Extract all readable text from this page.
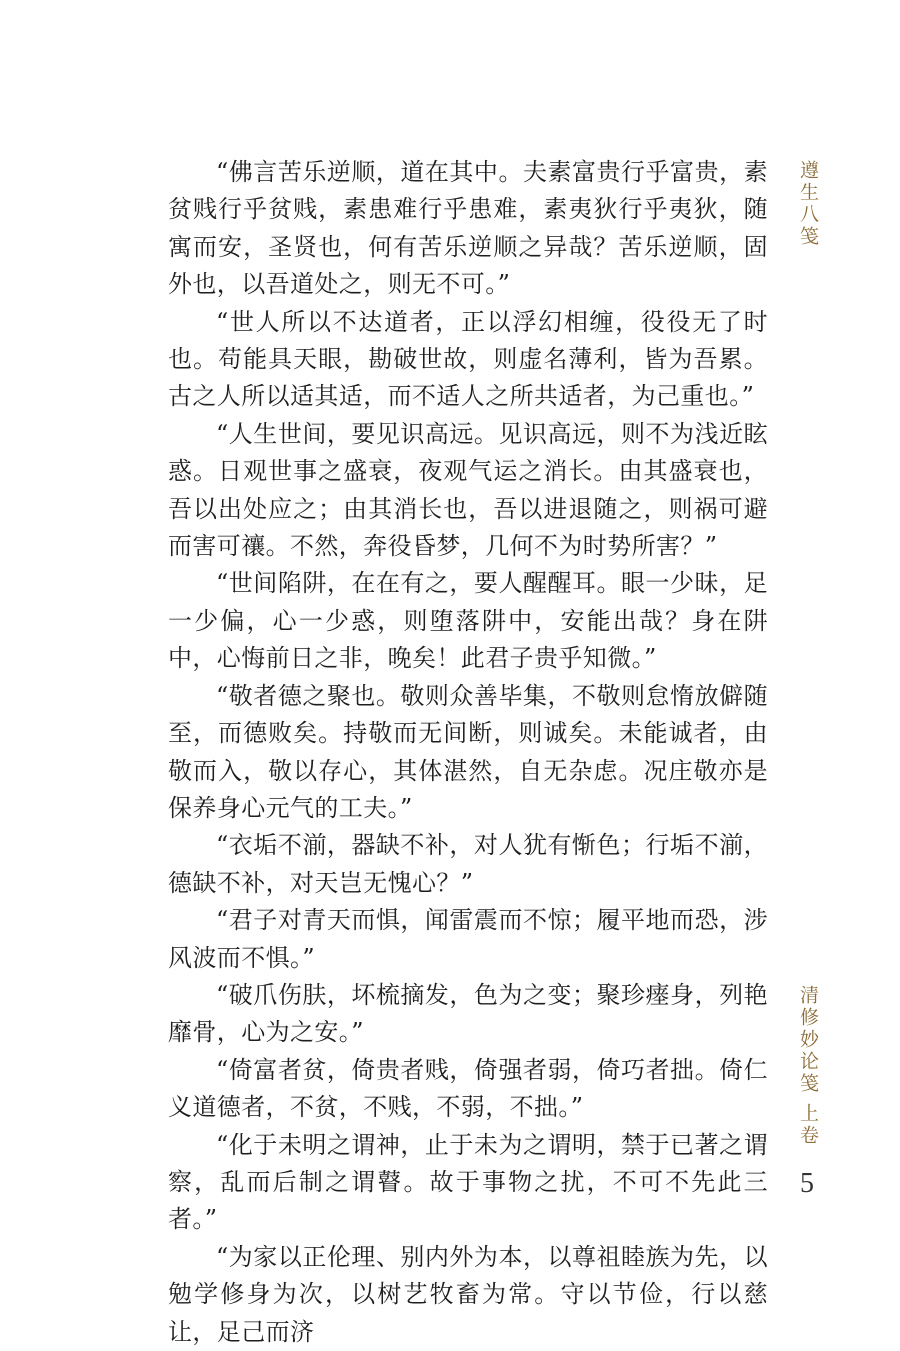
遵生八笺

“佛言苦乐逆顺，道在其中。夫素富贵行乎富贵，素贫贱行乎贫贱，素患难行乎患难，素夷狄行乎夷狄，随寓而安，圣贤也，何有苦乐逆顺之异哉？苦乐逆顺，固外也，以吾道处之，则无不可。”

“世人所以不达道者，正以浮幻相缠，役役无了时也。苟能具天眼，勘破世故，则虚名薄利，皆为吾累。古之人所以适其适，而不适人之所共适者，为己重也。”

“人生世间，要见识高远。见识高远，则不为浅近眩惑。日观世事之盛衰，夜观气运之消长。由其盛衰也，吾以出处应之；由其消长也，吾以进退随之，则祸可避而害可禳。不然，奔役昏梦，几何不为时势所害？”

“世间陷阱，在在有之，要人醒醒耳。眼一少昧，足一少偏，心一少惑，则堕落阱中，安能出哉？身在阱中，心悔前日之非，晚矣！此君子贵乎知微。”

“敬者德之聚也。敬则众善毕集，不敬则怠惰放僻随至，而德败矣。持敬而无间断，则诚矣。未能诚者，由敬而入，敬以存心，其体湛然，自无杂虑。况庄敬亦是保养身心元气的工夫。”

“衣垢不湔，器缺不补，对人犹有惭色；行垢不湔，德缺不补，对天岂无愧心？”

“君子对青天而惧，闻雷震而不惊；履平地而恐，涉风波而不惧。”

“破爪伤肤，坏梳摘发，色为之变；聚珍瘗身，列艳靡骨，心为之安。”

“倚富者贫，倚贵者贱，倚强者弱，倚巧者拙。倚仁义道德者，不贫，不贱，不弱，不拙。”

“化于未明之谓神，止于未为之谓明，禁于已著之谓察，乱而后制之谓瞽。故于事物之扰，不可不先此三者。”

“为家以正伦理、别内外为本，以尊祖睦族为先，以勉学修身为次，以树艺牧畜为常。守以节俭，行以慈让，足己而济

清修妙论笺
上卷
5
